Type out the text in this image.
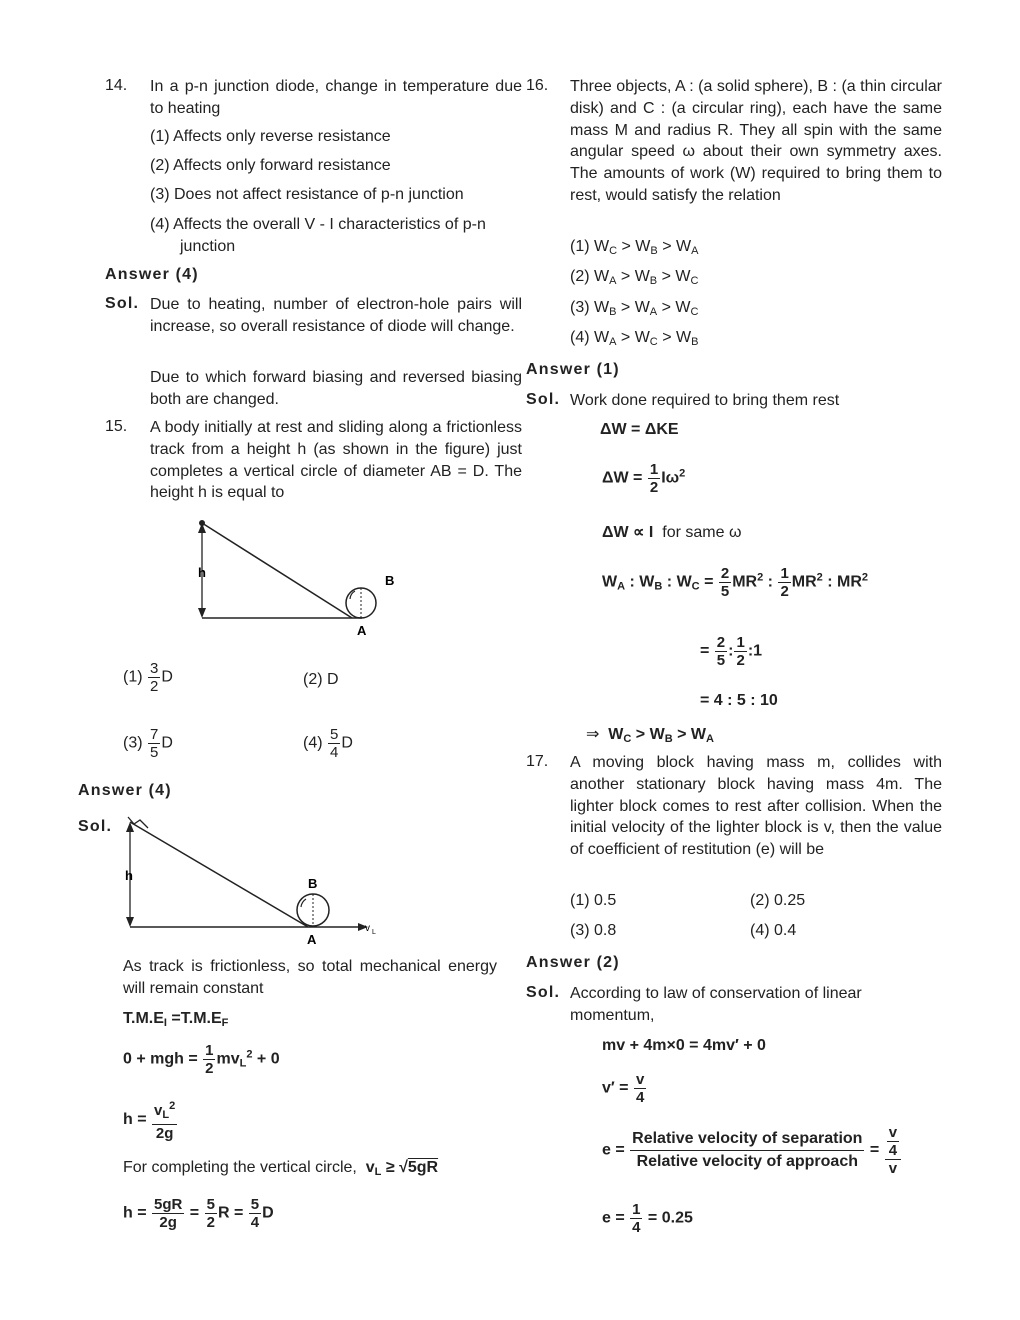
14. In a p-n junction diode, change in temperature due to heating
(1) Affects only reverse resistance
(2) Affects only forward resistance
(3) Does not affect resistance of p-n junction
(4) Affects the overall V - I characteristics of p-n junction
Answer (4)
Sol. Due to heating, number of electron-hole pairs will increase, so overall resistance of diode will change.
Due to which forward biasing and reversed biasing both are changed.
15. A body initially at rest and sliding along a frictionless track from a height h (as shown in the figure) just completes a vertical circle of diameter AB = D. The height h is equal to
h
B
A
$(1) \frac{3}{2}$ D	(2) D
$(3) \frac{7}{5}$ D	$(4) \frac{5}{4}$ D
Answer (4)
Sol.
h
B
A
v L
As track is frictionless, so total mechanical energy will remain constant
$T.M.E_I =T.M.E_F$
0 + mgh = $\frac{1}{2} mv_L^2 + 0$
$h = \frac{v_L^2}{2g}$
For completing the vertical circle,  $v_L \ge √5gR$
$h = \frac{5gR}{2g} = \frac{5}{2}$ $R = \frac{5}{4}$ D
16. Three objects, A : (a solid sphere), B : (a thin circular disk) and C : (a circular ring), each have the same mass M and radius R. They all spin with the same angular speed ω about their own symmetry axes. The amounts of work (W) required to bring them to rest, would satisfy the relation
(1) $W_C > W_B > W_A$
(2) $W_A > W_B > W_C$
(3) $W_B > W_A > W_C$
(4) $W_A > W_C > W_B$
Answer (1)
Sol. Work done required to bring them rest
ΔW = ΔKE
$\Delta W = \frac{1}{2} I\omega^2$
ΔW ∝ I  for same ω
$W_A$ : $W_B$ : $W_C = \frac{2}{5} MR^2$ : $\frac{1}{2} MR^2$ : $MR^2$
= $\frac{2}{5}$ : $\frac{1}{2}$ :1
= 4 : 5 : 10
⇒  $W_C > W_B > W_A$
17. A moving block having mass m, collides with another stationary block having mass 4m. The lighter block comes to rest after collision. When the initial velocity of the lighter block is v, then the value of coefficient of restitution (e) will be
(1) 0.5	(2) 0.25
(3) 0.8	(4) 0.4
Answer (2)
Sol. According to law of conservation of linear momentum,
mv + 4m×0 = 4mv′ + 0
$v' = \frac{v}{4}$
$e = \frac{\text{Relative velocity of separation}}{\text{Relative velocity of approach}} = \frac{\frac{v}{4}}{v}$
$e = \frac{1}{4} = 0.25$
